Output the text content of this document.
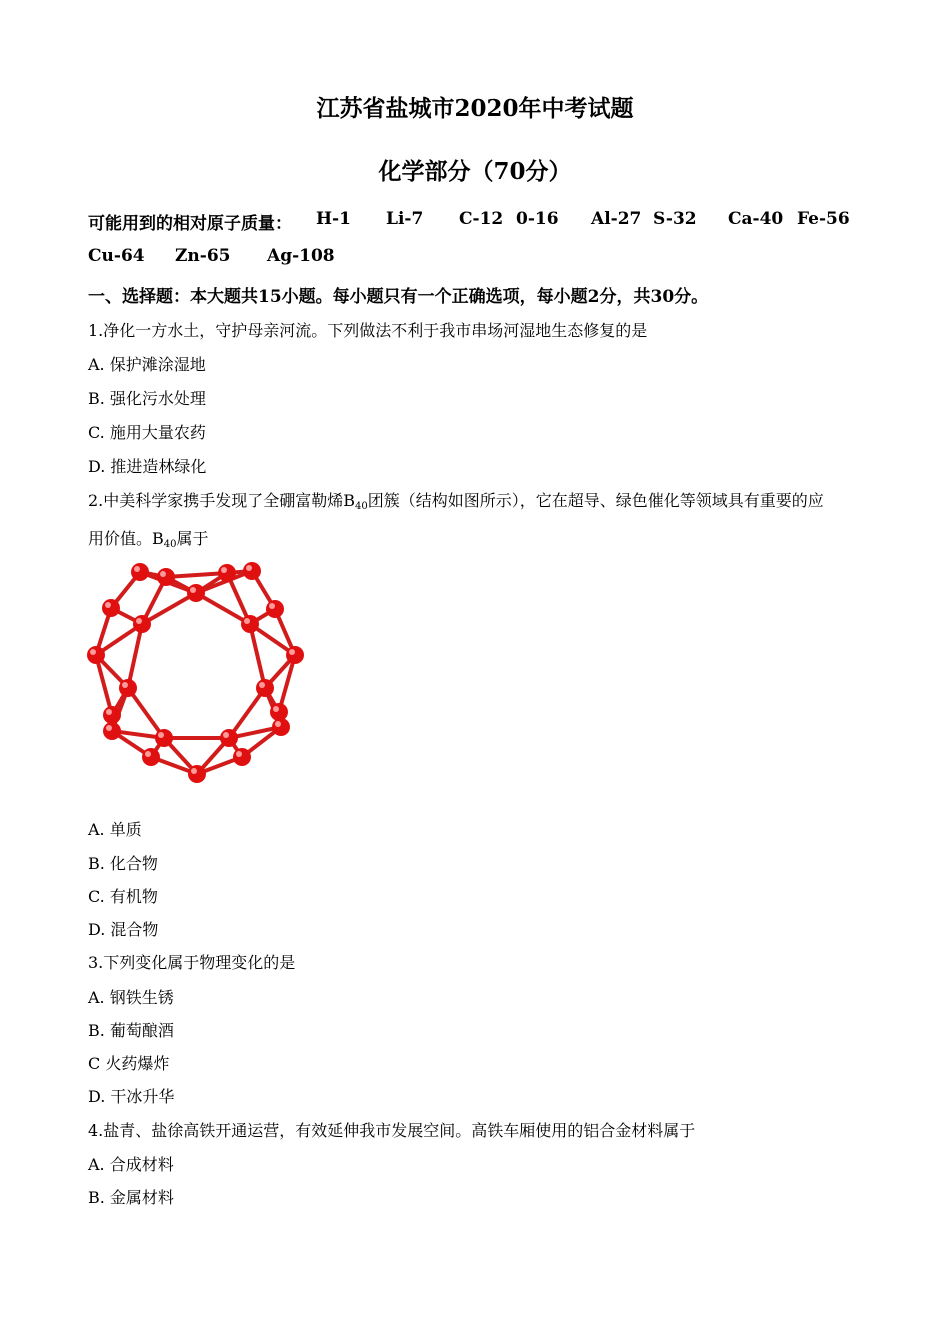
江苏省盐城市2020年中考试题
化学部分（70分）
可能用到的相对原子质量： H-1 Li-7 C-12 0-16 Al-27 S-32 Ca-40 Fe-56
Cu-64 Zn-65 Ag-108
一、选择题：本大题共15小题。每小题只有一个正确选项，每小题2分，共30分。
1.净化一方水土，守护母亲河流。下列做法不利于我市串场河湿地生态修复的是
A. 保护滩涂湿地
B. 强化污水处理
C. 施用大量农药
D. 推进造林绿化
2.中美科学家携手发现了全硼富勒烯$B_{40}$团簇（结构如图所示），它在超导、绿色催化等领域具有重要的应
用价值。$B_{40}$属于
A. 单质
B. 化合物
C. 有机物
D. 混合物
3.下列变化属于物理变化的是
A. 钢铁生锈
B. 葡萄酿酒
C 火药爆炸
D. 干冰升华
4.盐青、盐徐高铁开通运营，有效延伸我市发展空间。高铁车厢使用的铝合金材料属于
A. 合成材料
B. 金属材料
